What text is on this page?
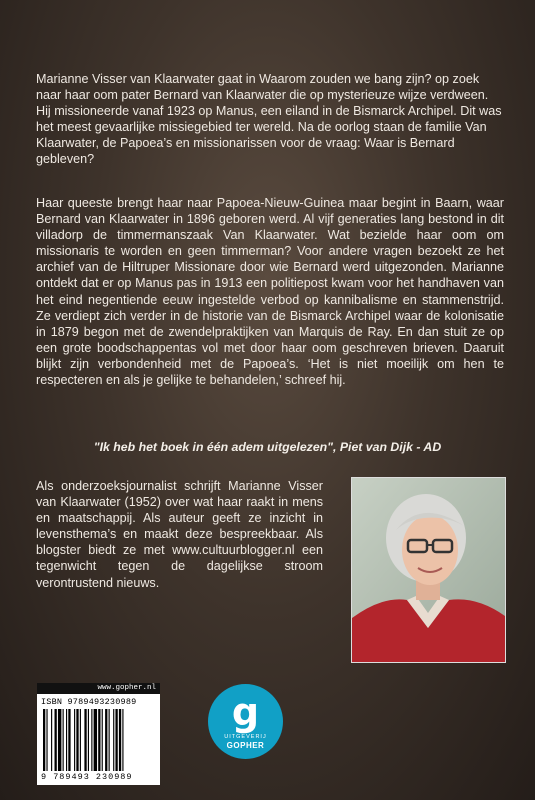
Marianne Visser van Klaarwater gaat in Waarom zouden we bang zijn? op zoek naar haar oom pater Bernard van Klaarwater die op mysterieuze wijze verdween. Hij missioneerde vanaf 1923 op Manus, een eiland in de Bismarck Archipel. Dit was het meest gevaarlijke missiegebied ter wereld. Na de oorlog staan de familie Van Klaarwater, de Papoea’s en missionarissen voor de vraag: Waar is Bernard gebleven?

Haar queeste brengt haar naar Papoea-Nieuw-Guinea maar begint in Baarn, waar Bernard van Klaarwater in 1896 geboren werd. Al vijf generaties lang bestond in dit villadorp de timmermanszaak Van Klaarwater. Wat bezielde haar oom om missionaris te worden en geen timmerman? Voor andere vragen bezoekt ze het archief van de Hiltruper Missionare door wie Bernard werd uitgezonden. Marianne ontdekt dat er op Manus pas in 1913 een politiepost kwam voor het handhaven van het eind negentiende eeuw ingestelde verbod op kannibalisme en stammenstrijd. Ze verdiept zich verder in de historie van de Bismarck Archipel waar de kolonisatie in 1879 begon met de zwendelpraktijken van Marquis de Ray. En dan stuit ze op een grote boodschappentas vol met door haar oom geschreven brieven. Daaruit blijkt zijn verbondenheid met de Papoea’s. ‘Het is niet moeilijk om hen te respecteren en als je gelijke te behandelen,’ schreef hij.

"Ik heb het boek in één adem uitgelezen", Piet van Dijk - AD

Als onderzoeksjournalist schrijft Marianne Visser van Klaarwater (1952) over wat haar raakt in mens en maatschappij. Als auteur geeft ze inzicht in levensthema’s en maakt deze bespreekbaar. Als blogster biedt ze met www.cultuurblogger.nl een tegenwicht tegen de dagelijkse stroom verontrustend nieuws.

www.gopher.nl
ISBN 9789493230989
9 789493 230989
g
UITGEVERIJ
GOPHER
